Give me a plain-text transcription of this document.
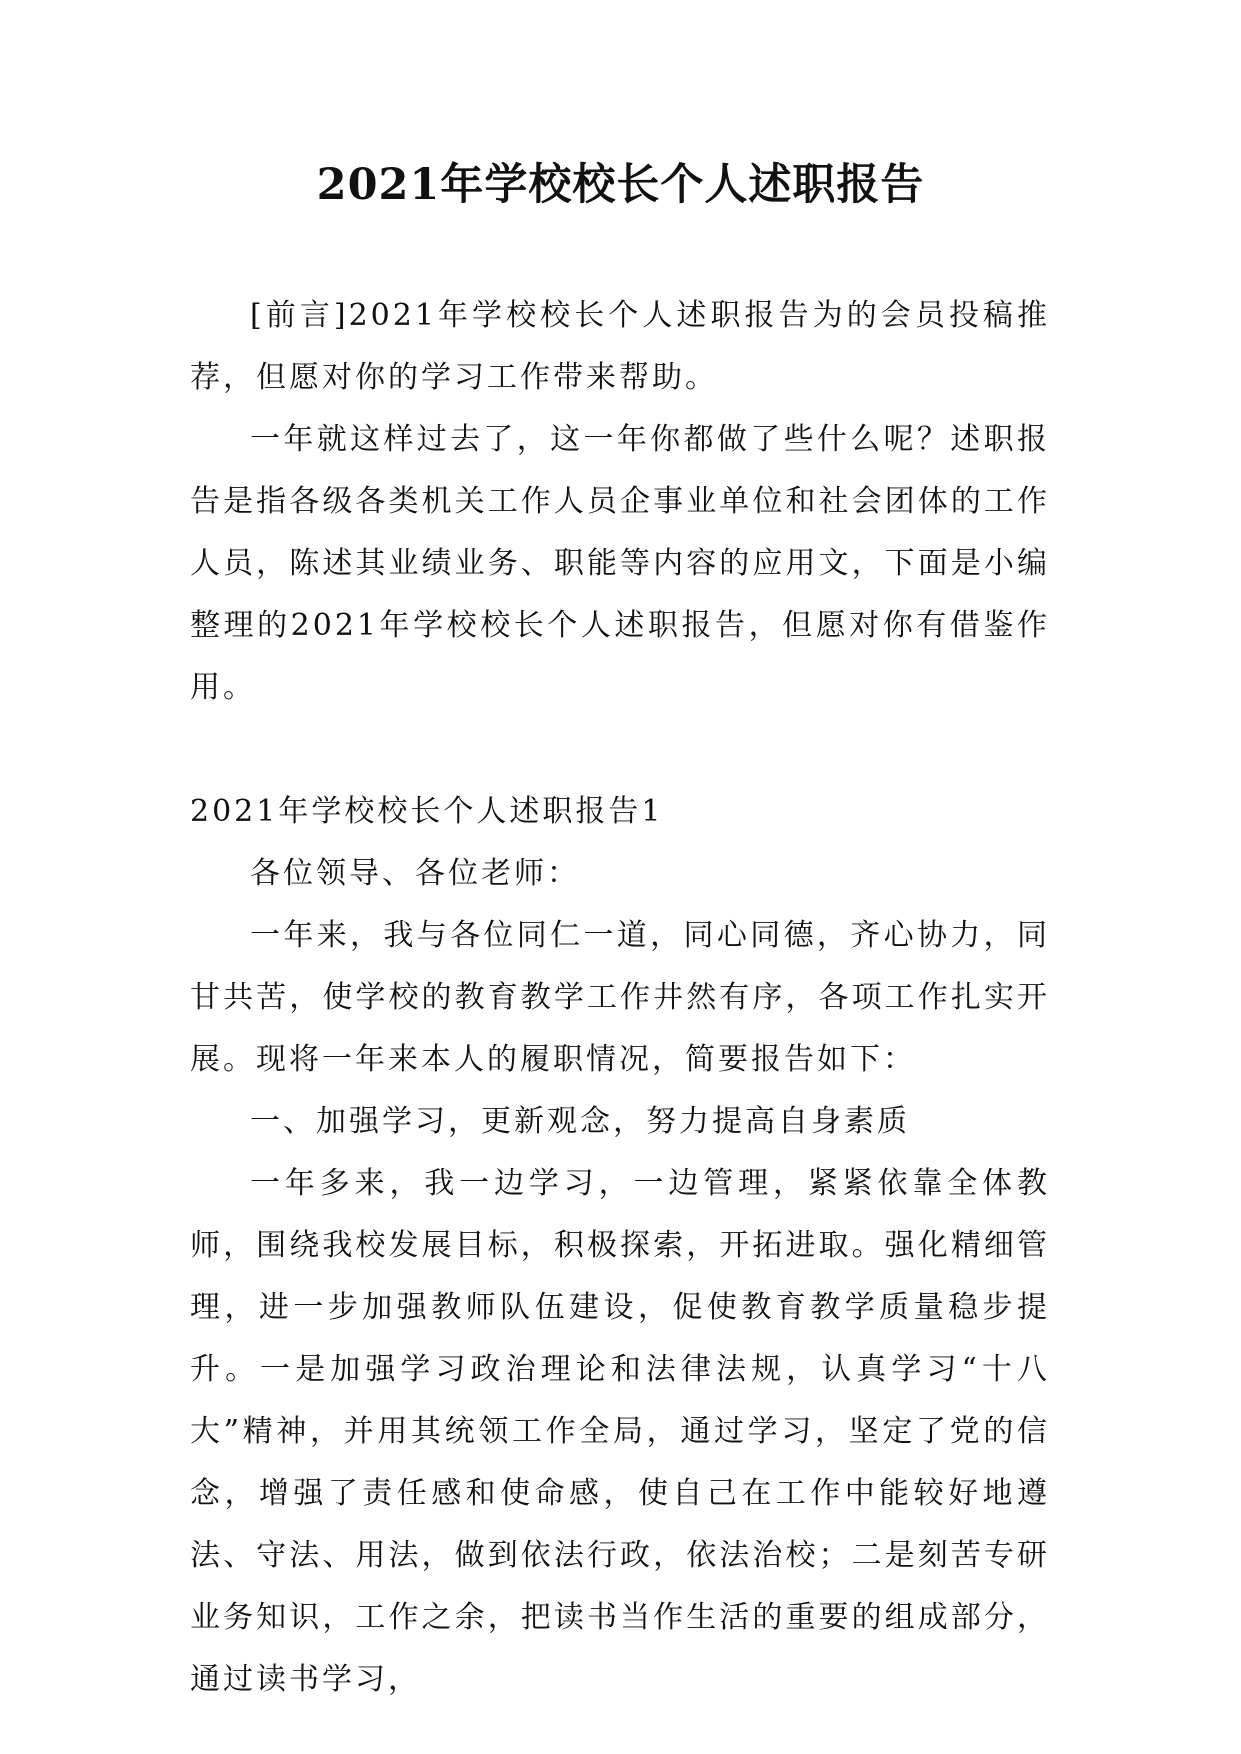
2021年学校校长个人述职报告

[前言]2021年学校校长个人述职报告为的会员投稿推荐，但愿对你的学习工作带来帮助。

一年就这样过去了，这一年你都做了些什么呢？述职报告是指各级各类机关工作人员企事业单位和社会团体的工作人员，陈述其业绩业务、职能等内容的应用文，下面是小编整理的2021年学校校长个人述职报告，但愿对你有借鉴作用。

2021年学校校长个人述职报告1

各位领导、各位老师：

一年来，我与各位同仁一道，同心同德，齐心协力，同甘共苦，使学校的教育教学工作井然有序，各项工作扎实开展。现将一年来本人的履职情况，简要报告如下：

一、加强学习，更新观念，努力提高自身素质

一年多来，我一边学习，一边管理，紧紧依靠全体教师，围绕我校发展目标，积极探索，开拓进取。强化精细管理，进一步加强教师队伍建设，促使教育教学质量稳步提升。一是加强学习政治理论和法律法规，认真学习“十八大”精神，并用其统领工作全局，通过学习，坚定了党的信念，增强了责任感和使命感，使自己在工作中能较好地遵法、守法、用法，做到依法行政，依法治校；二是刻苦专研业务知识，工作之余，把读书当作生活的重要的组成部分，通过读书学习，
